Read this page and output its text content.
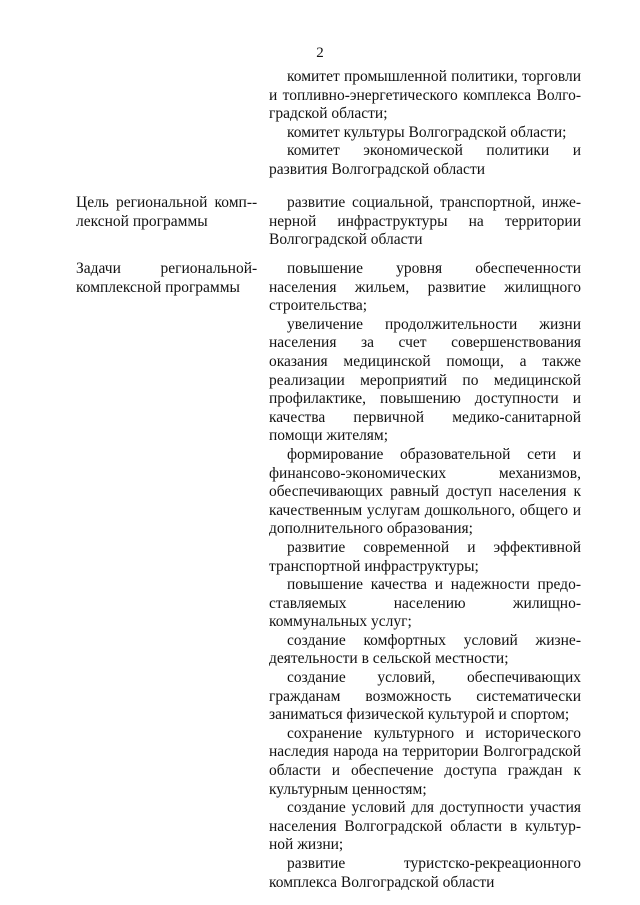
2

комитет промышленной политики, торговли и топливно-энергетического комплекса Волгоградской области;

комитет культуры Волгоградской области;

комитет экономической политики и развития Волгоградской области

Цель региональной комплексной программы

-	развитие социальной, транспортной, инженерной инфраструктуры на территории Волгоградской области

Задачи региональной комплексной программы

-	повышение уровня обеспеченности населения жильем, развитие жилищного строительства;

увеличение продолжительности жизни населения за счет совершенствования оказания медицинской помощи, а также реализации мероприятий по медицинской профилактике, повышению доступности и качества первичной медико-санитарной помощи жителям;

формирование образовательной сети и финансово-экономических механизмов, обеспечивающих равный доступ населения к качественным услугам дошкольного, общего и дополнительного образования;

развитие современной и эффективной транспортной инфраструктуры;

повышение качества и надежности предоставляемых населению жилищно-коммунальных услуг;

создание комфортных условий жизнедеятельности в сельской местности;

создание условий, обеспечивающих гражданам возможность систематически заниматься физической культурой и спортом;

сохранение культурного и исторического наследия народа на территории Волгоградской области и обеспечение доступа граждан к культурным ценностям;

создание условий для доступности участия населения Волгоградской области в культурной жизни;

развитие туристско-рекреационного комплекса Волгоградской области
